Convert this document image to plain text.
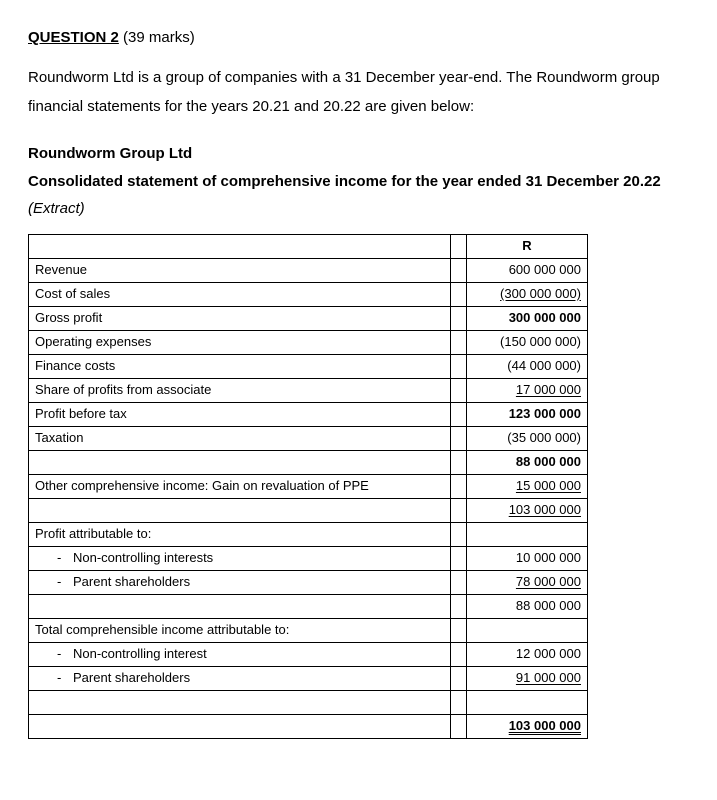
QUESTION 2 (39 marks)
Roundworm Ltd is a group of companies with a 31 December year-end. The Roundworm group financial statements for the years 20.21 and 20.22 are given below:
Roundworm Group Ltd
Consolidated statement of comprehensive income for the year ended 31 December 20.22
(Extract)
		R
Revenue		600 000 000
Cost of sales		(300 000 000)
Gross profit		300 000 000
Operating expenses		(150 000 000)
Finance costs		(44 000 000)
Share of profits from associate		17 000 000
Profit before tax		123 000 000
Taxation		(35 000 000)
		88 000 000
Other comprehensive income: Gain on revaluation of PPE		15 000 000
		103 000 000
Profit attributable to:		
- Non-controlling interests		10 000 000
- Parent shareholders		78 000 000
		88 000 000
Total comprehensible income attributable to:		
- Non-controlling interest		12 000 000
- Parent shareholders		91 000 000

		103 000 000
